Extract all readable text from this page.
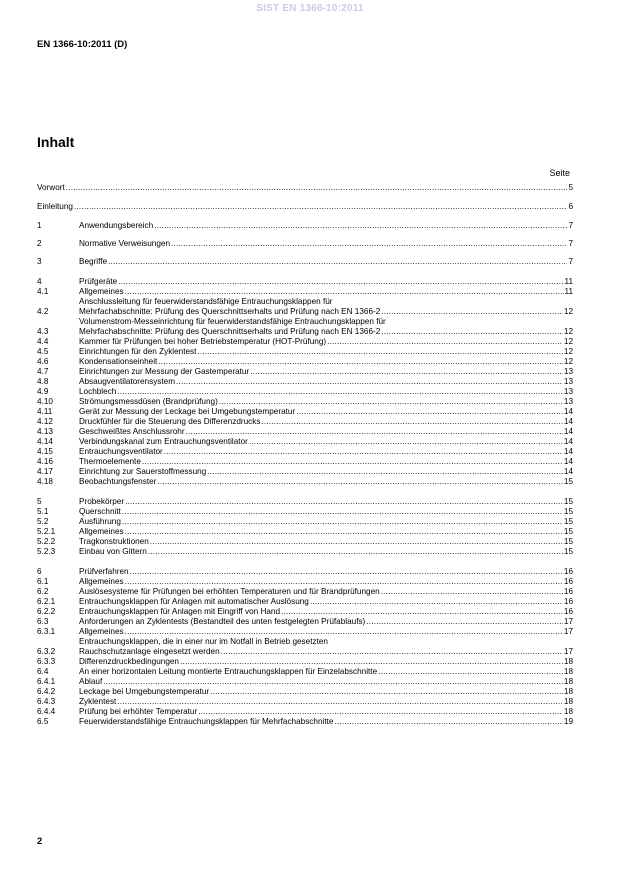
SIST EN 1366-10:2011
EN 1366-10:2011 (D)
Inhalt
Seite
Vorwort .....	5
Einleitung .....	6
1	Anwendungsbereich .....	7
2	Normative Verweisungen .....	7
3	Begriffe .....	7
4	Prüfgeräte .....	11
4.1	Allgemeines .....	11
4.2
Anschlussleitung für feuerwiderstandsfähige Entrauchungsklappen für
Mehrfachabschnitte: Prüfung des Querschnittserhalts und Prüfung nach EN 1366-2 .....	12
4.3
Volumenstrom-Messeinrichtung für feuerwiderstandsfähige Entrauchungsklappen für
Mehrfachabschnitte: Prüfung des Querschnittserhalts und Prüfung nach EN 1366-2 .....	12
4.4	Kammer für Prüfungen bei hoher Betriebstemperatur (HOT-Prüfung) .....	12
4.5	Einrichtungen für den Zyklentest .....	12
4.6	Kondensationseinheit .....	12
4.7	Einrichtungen zur Messung der Gastemperatur .....	13
4.8	Absaugventilatorensystem .....	13
4.9	Lochblech .....	13
4.10	Strömungsmessdüsen (Brandprüfung) .....	13
4.11	Gerät zur Messung der Leckage bei Umgebungstemperatur .....	14
4.12	Druckfühler für die Steuerung des Differenzdrucks .....	14
4.13	Geschweißtes Anschlussrohr .....	14
4.14	Verbindungskanal zum Entrauchungsventilator .....	14
4.15	Entrauchungsventilator .....	14
4.16	Thermoelemente .....	14
4.17	Einrichtung zur Sauerstoffmessung .....	14
4.18	Beobachtungsfenster .....	15
5	Probekörper .....	15
5.1	Querschnitt .....	15
5.2	Ausführung .....	15
5.2.1	Allgemeines .....	15
5.2.2	Tragkonstruktionen .....	15
5.2.3	Einbau von Gittern .....	15
6	Prüfverfahren .....	16
6.1	Allgemeines .....	16
6.2	Auslösesysteme für Prüfungen bei erhöhten Temperaturen und für Brandprüfungen .....	16
6.2.1	Entrauchungsklappen für Anlagen mit automatischer Auslösung .....	16
6.2.2	Entrauchungsklappen für Anlagen mit Eingriff von Hand .....	16
6.3	Anforderungen an Zyklentests (Bestandteil des unten festgelegten Prüfablaufs) .....	17
6.3.1	Allgemeines .....	17
6.3.2
Entrauchungsklappen, die in einer nur im Notfall in Betrieb gesetzten
Rauchschutzanlage eingesetzt werden .....	17
6.3.3	Differenzdruckbedingungen .....	18
6.4	An einer horizontalen Leitung montierte Entrauchungsklappen für Einzelabschnitte .....	18
6.4.1	Ablauf .....	18
6.4.2	Leckage bei Umgebungstemperatur .....	18
6.4.3	Zyklentest .....	18
6.4.4	Prüfung bei erhöhter Temperatur .....	18
6.5	Feuerwiderstandsfähige Entrauchungsklappen für Mehrfachabschnitte .....	19
2
